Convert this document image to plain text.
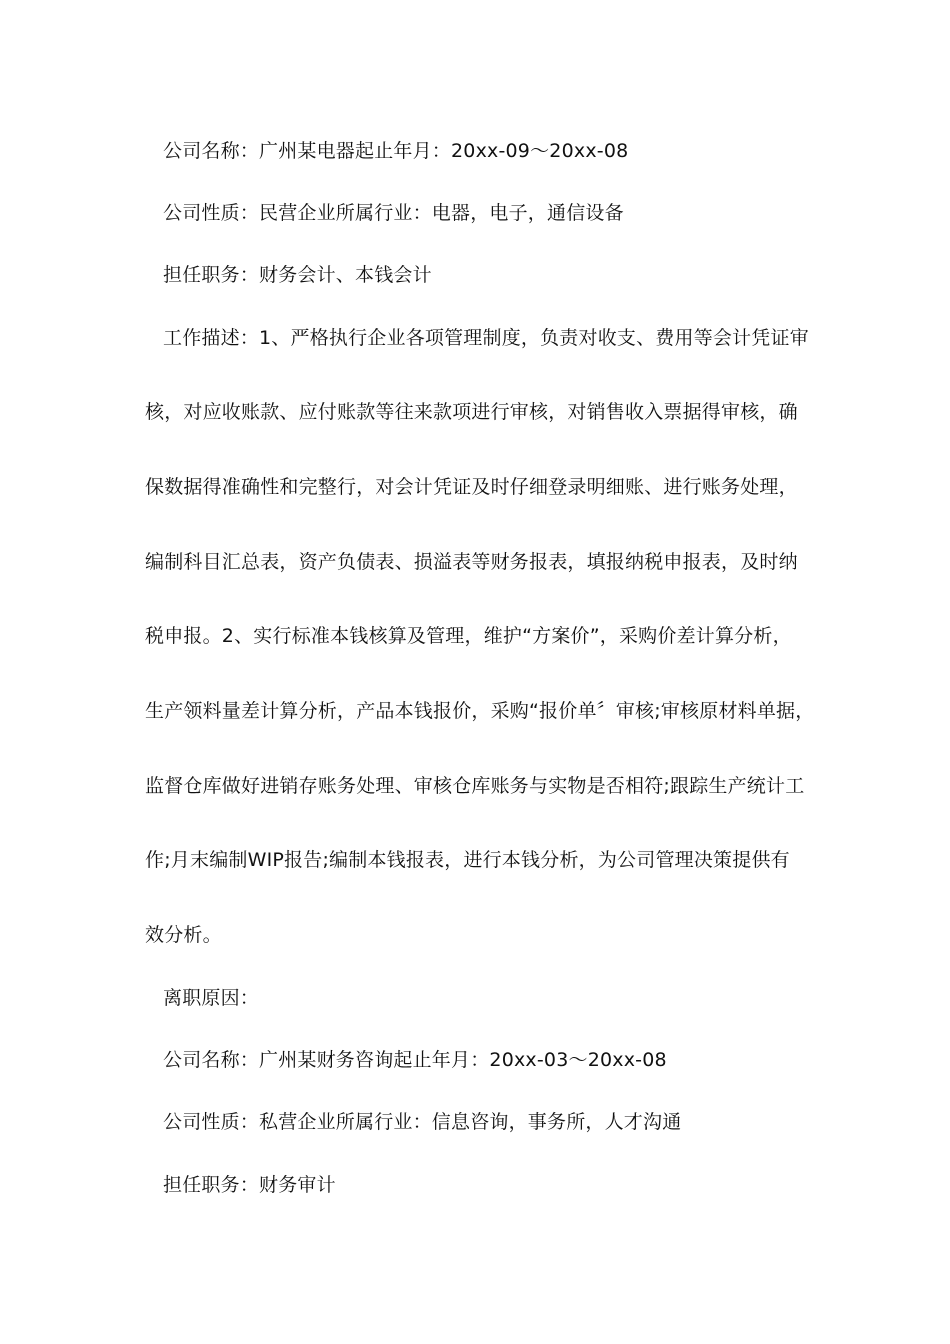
公司名称：广州某电器起止年月：20xx-09～20xx-08
公司性质：民营企业所属行业：电器，电子，通信设备
担任职务：财务会计、本钱会计
工作描述：1、严格执行企业各项管理制度，负责对收支、费用等会计凭证审
核，对应收账款、应付账款等往来款项进行审核，对销售收入票据得审核，确
保数据得准确性和完整行，对会计凭证及时仔细登录明细账、进行账务处理，
编制科目汇总表，资产负债表、损溢表等财务报表，填报纳税申报表，及时纳
税申报。2、实行标准本钱核算及管理，维护“方案价”，采购价差计算分析，
生产领料量差计算分析，产品本钱报价，采购“报价单〞审核;审核原材料单据，
监督仓库做好进销存账务处理、审核仓库账务与实物是否相符;跟踪生产统计工
作;月末编制WIP报告;编制本钱报表，进行本钱分析，为公司管理决策提供有
效分析。
离职原因：
公司名称：广州某财务咨询起止年月：20xx-03～20xx-08
公司性质：私营企业所属行业：信息咨询，事务所，人才沟通
担任职务：财务审计
